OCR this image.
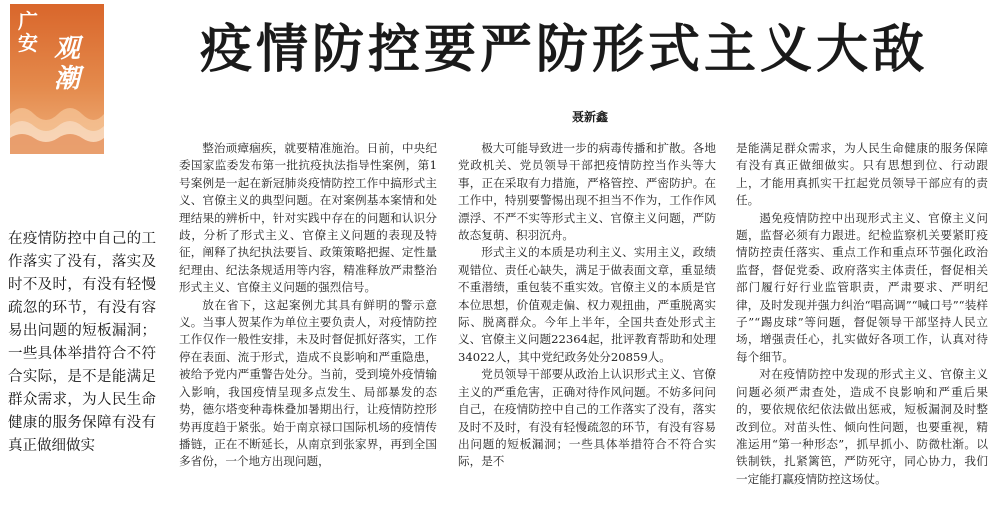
广安 观潮 疫情防控要严防形式主义大敌
聂新鑫
在疫情防控中自己的工作落实了没有，落实及时不及时，有没有轻慢疏忽的环节，有没有容易出问题的短板漏洞；一些具体举措符合不符合实际，是不是能满足群众需求，为人民生命健康的服务保障有没有真正做细做实

整治顽瘴痼疾，就要精准施治。日前，中央纪委国家监委发布第一批抗疫执法指导性案例，第1号案例是一起在新冠肺炎疫情防控工作中搞形式主义、官僚主义的典型问题。在对案例基本案情和处理结果的辨析中，针对实践中存在的问题和认识分歧，分析了形式主义、官僚主义问题的表现及特征，阐释了执纪执法要旨、政策策略把握、定性量纪理由、纪法条规适用等内容，精准释放严肃整治形式主义、官僚主义问题的强烈信号。

放在省下，这起案例尤其具有鲜明的警示意义。当事人贺某作为单位主要负责人，对疫情防控工作仅作一般性安排，未及时督促抓好落实，工作停在表面、流于形式，造成不良影响和严重隐患，被给予党内严重警告处分。当前，受到境外疫情输入影响，我国疫情呈现多点发生、局部暴发的态势，德尔塔变种毒株叠加暑期出行，让疫情防控形势再度趋于紧张。始于南京禄口国际机场的疫情传播链，正在不断延长，从南京到张家界，再到全国多省份，一个地方出现问题，

极大可能导致进一步的病毒传播和扩散。各地党政机关、党员领导干部把疫情防控当作头等大事，正在采取有力措施，严格管控、严密防护。在工作中，特别要警惕出现不担当不作为，工作作风漂浮、不严不实等形式主义、官僚主义问题，严防故态复萌、积羽沉舟。

形式主义的本质是功利主义、实用主义，政绩观错位、责任心缺失，满足于做表面文章，重显绩不重潜绩，重包装不重实效。官僚主义的本质是官本位思想，价值观走偏、权力观扭曲，严重脱离实际、脱离群众。今年上半年，全国共查处形式主义、官僚主义问题22364起，批评教育帮助和处理34022人，其中党纪政务处分20859人。

党员领导干部要从政治上认识形式主义、官僚主义的严重危害，正确对待作风问题。不妨多问问自己，在疫情防控中自己的工作落实了没有，落实及时不及时，有没有轻慢疏忽的环节，有没有容易出问题的短板漏洞；一些具体举措符合不符合实际，是不

是能满足群众需求，为人民生命健康的服务保障有没有真正做细做实。只有思想到位、行动跟上，才能用真抓实干扛起党员领导干部应有的责任。

遏免疫情防控中出现形式主义、官僚主义问题，监督必须有力跟进。纪检监察机关要紧盯疫情防控责任落实、重点工作和重点环节强化政治监督，督促党委、政府落实主体责任，督促相关部门履行好行业监管职责，严肃要求、严明纪律，及时发现并强力纠治“唱高调”“喊口号”“装样子”“踢皮球”等问题，督促领导干部坚持人民立场，增强责任心，扎实做好各项工作，认真对待每个细节。

对在疫情防控中发现的形式主义、官僚主义问题必须严肃查处，造成不良影响和严重后果的，要依规依纪依法做出惩戒，短板漏洞及时整改到位。对苗头性、倾向性问题，也要重视，精准运用“第一种形态”，抓早抓小、防微杜渐。以铁制铁，扎紧篱笆，严防死守，同心协力，我们一定能打赢疫情防控这场仗。
